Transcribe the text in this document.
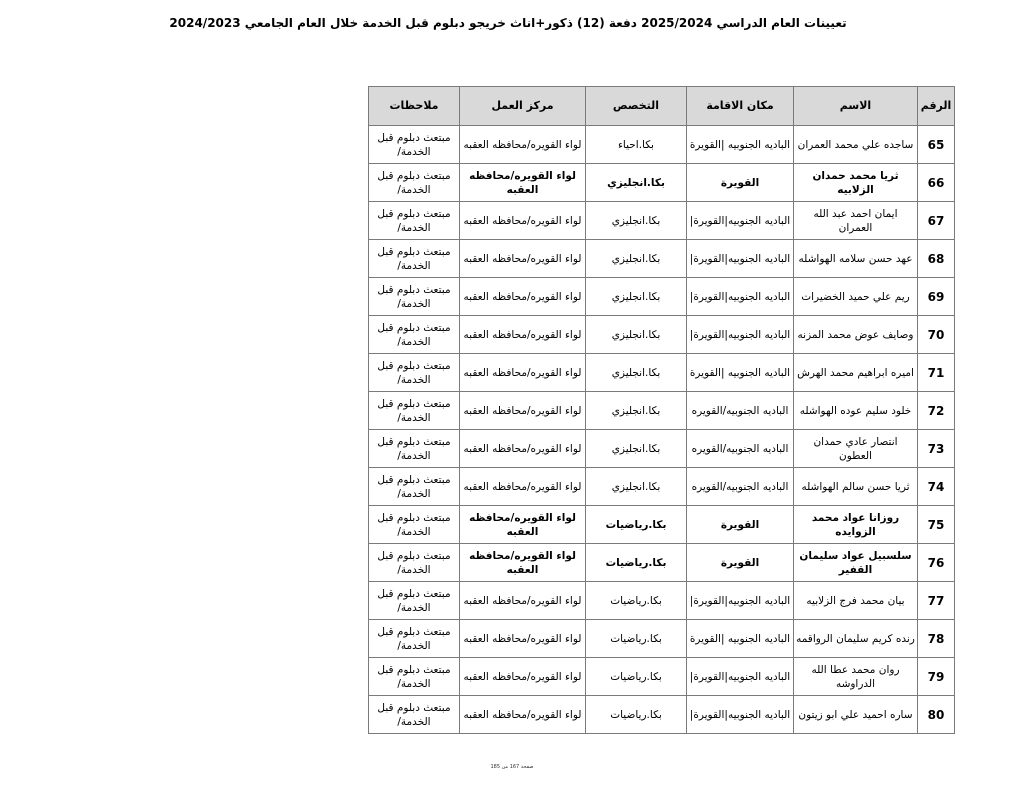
تعيينات العام الدراسي 2025/2024 دفعة (12) ذكور+اناث خريجو دبلوم قبل الخدمة خلال العام الجامعي 2024/2023
الرقم	الاسم	مكان الاقامة	التخصص	مركز العمل	ملاحظات
65	ساجده علي محمد العمران	الباديه الجنوبيه |القويرة	بكا.احياء	لواء القويره/محافظه العقبه	مبتعث دبلوم قبل الخدمة/
66	ثريا محمد حمدان الزلابيه	القويرة	بكا.انجليزي	لواء القويره/محافظه العقبه	مبتعث دبلوم قبل الخدمة/
67	ايمان احمد عبد الله العمران	الباديه الجنوبيه|القويرة|	بكا.انجليزي	لواء القويره/محافظه العقبه	مبتعث دبلوم قبل الخدمة/
68	عهد حسن سلامه الهواشله	الباديه الجنوبيه|القويرة|	بكا.انجليزي	لواء القويره/محافظه العقبه	مبتعث دبلوم قبل الخدمة/
69	ريم علي حميد الخضيرات	الباديه الجنوبيه|القويرة|	بكا.انجليزي	لواء القويره/محافظه العقبه	مبتعث دبلوم قبل الخدمة/
70	وصايف عوض محمد المزنه	الباديه الجنوبيه|القويرة|	بكا.انجليزي	لواء القويره/محافظه العقبه	مبتعث دبلوم قبل الخدمة/
71	اميره ابراهيم محمد الهرش	الباديه الجنوبيه |القويرة	بكا.انجليزي	لواء القويره/محافظه العقبه	مبتعث دبلوم قبل الخدمة/
72	خلود سليم عوده الهواشله	الباديه الجنوبيه/القويره	بكا.انجليزي	لواء القويره/محافظه العقبه	مبتعث دبلوم قبل الخدمة/
73	انتصار عادي حمدان العطون	الباديه الجنوبيه/القويره	بكا.انجليزي	لواء القويره/محافظه العقبه	مبتعث دبلوم قبل الخدمة/
74	ثريا حسن سالم الهواشله	الباديه الجنوبيه/القويره	بكا.انجليزي	لواء القويره/محافظه العقبه	مبتعث دبلوم قبل الخدمة/
75	روزانا عواد محمد الزوايده	القويرة	بكا.رياضيات	لواء القويره/محافظه العقبه	مبتعث دبلوم قبل الخدمة/
76	سلسبيل عواد سليمان القفير	القويرة	بكا.رياضيات	لواء القويره/محافظه العقبه	مبتعث دبلوم قبل الخدمة/
77	بيان محمد فرج الزلابيه	الباديه الجنوبيه|القويرة|	بكا.رياضيات	لواء القويره/محافظه العقبه	مبتعث دبلوم قبل الخدمة/
78	رنده كريم سليمان الرواقمه	الباديه الجنوبيه |القويرة	بكا.رياضيات	لواء القويره/محافظه العقبه	مبتعث دبلوم قبل الخدمة/
79	روان محمد عطا الله الدراوشه	الباديه الجنوبيه|القويرة|	بكا.رياضيات	لواء القويره/محافظه العقبه	مبتعث دبلوم قبل الخدمة/
80	ساره احميد علي ابو زيتون	الباديه الجنوبيه|القويرة|	بكا.رياضيات	لواء القويره/محافظه العقبه	مبتعث دبلوم قبل الخدمة/
صفحة 167 من 185
